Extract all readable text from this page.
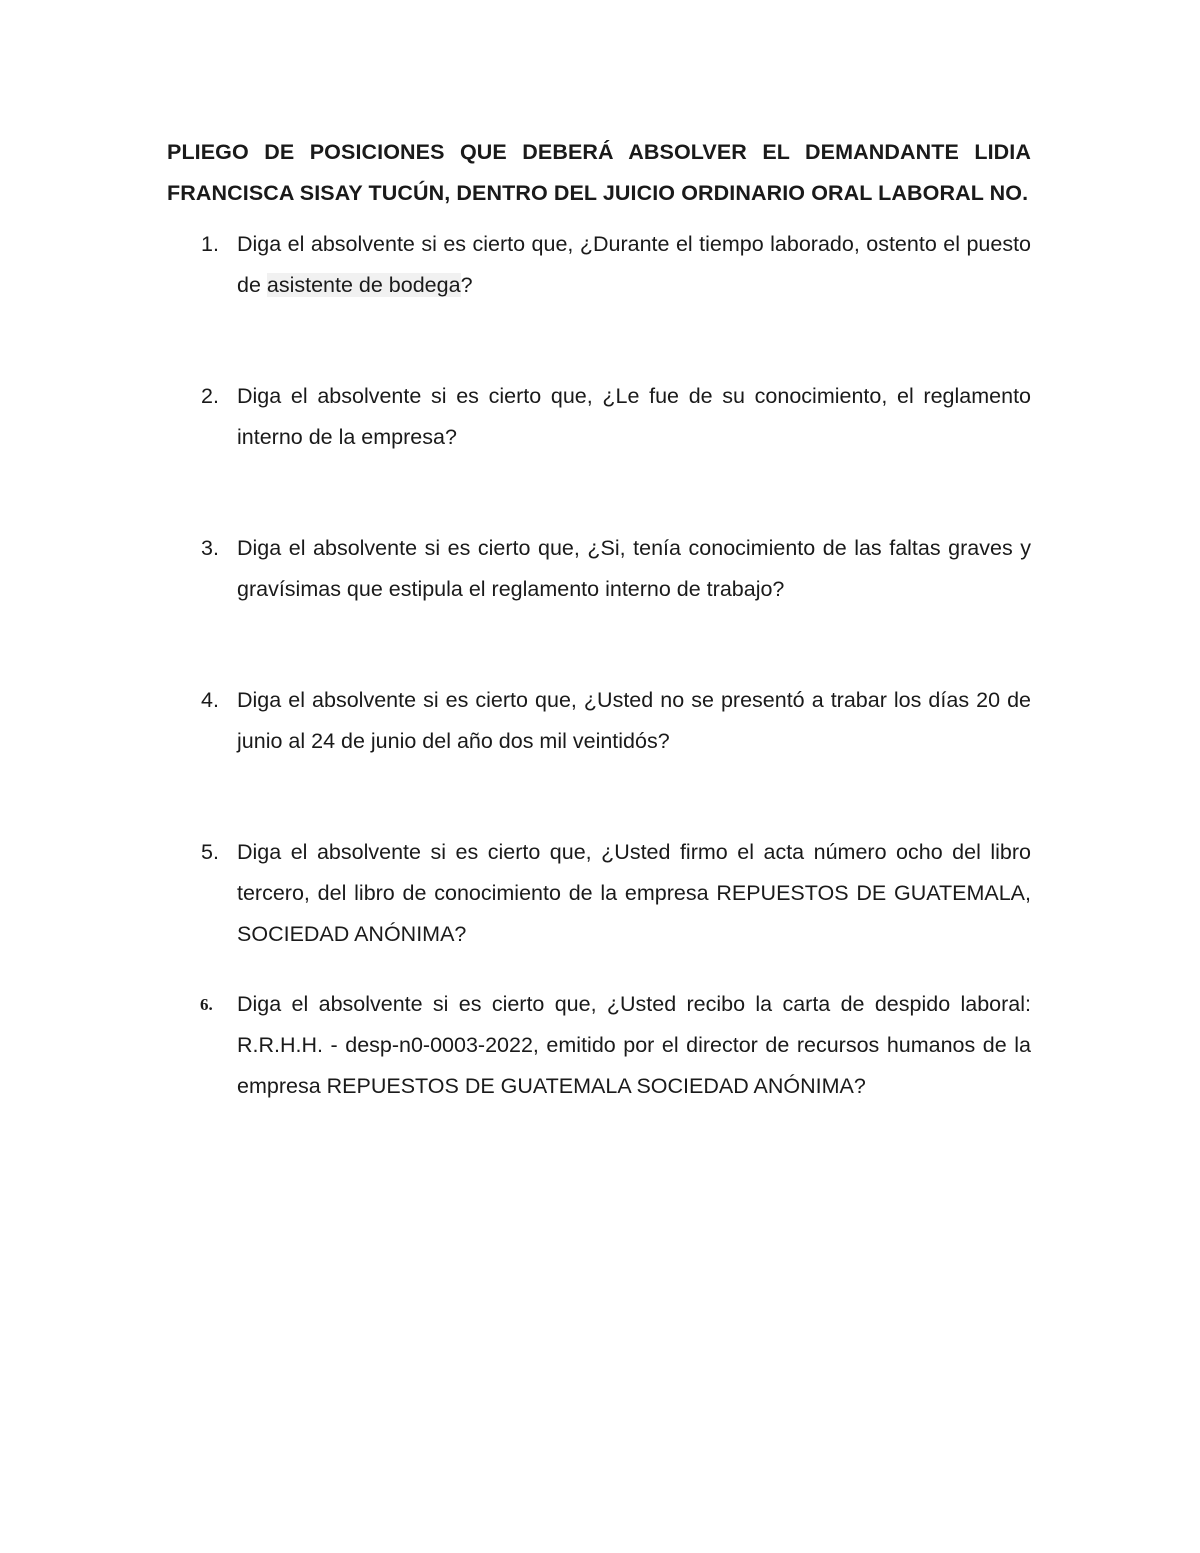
PLIEGO DE POSICIONES QUE DEBERÁ ABSOLVER EL DEMANDANTE LIDIA FRANCISCA SISAY TUCÚN, DENTRO DEL JUICIO ORDINARIO ORAL LABORAL NO.

1. Diga el absolvente si es cierto que, ¿Durante el tiempo laborado, ostento el puesto de asistente de bodega?
2. Diga el absolvente si es cierto que, ¿Le fue de su conocimiento, el reglamento interno de la empresa?
3. Diga el absolvente si es cierto que, ¿Si, tenía conocimiento de las faltas graves y gravísimas que estipula el reglamento interno de trabajo?
4. Diga el absolvente si es cierto que, ¿Usted no se presentó a trabar los días 20 de junio al 24 de junio del año dos mil veintidós?
5. Diga el absolvente si es cierto que, ¿Usted firmo el acta número ocho del libro tercero, del libro de conocimiento de la empresa REPUESTOS DE GUATEMALA, SOCIEDAD ANÓNIMA?
6.	Diga el absolvente si es cierto que, ¿Usted recibo la carta de despido laboral: R.R.H.H. - desp-n0-0003-2022, emitido por el director de recursos humanos de la empresa REPUESTOS DE GUATEMALA SOCIEDAD ANÓNIMA?
